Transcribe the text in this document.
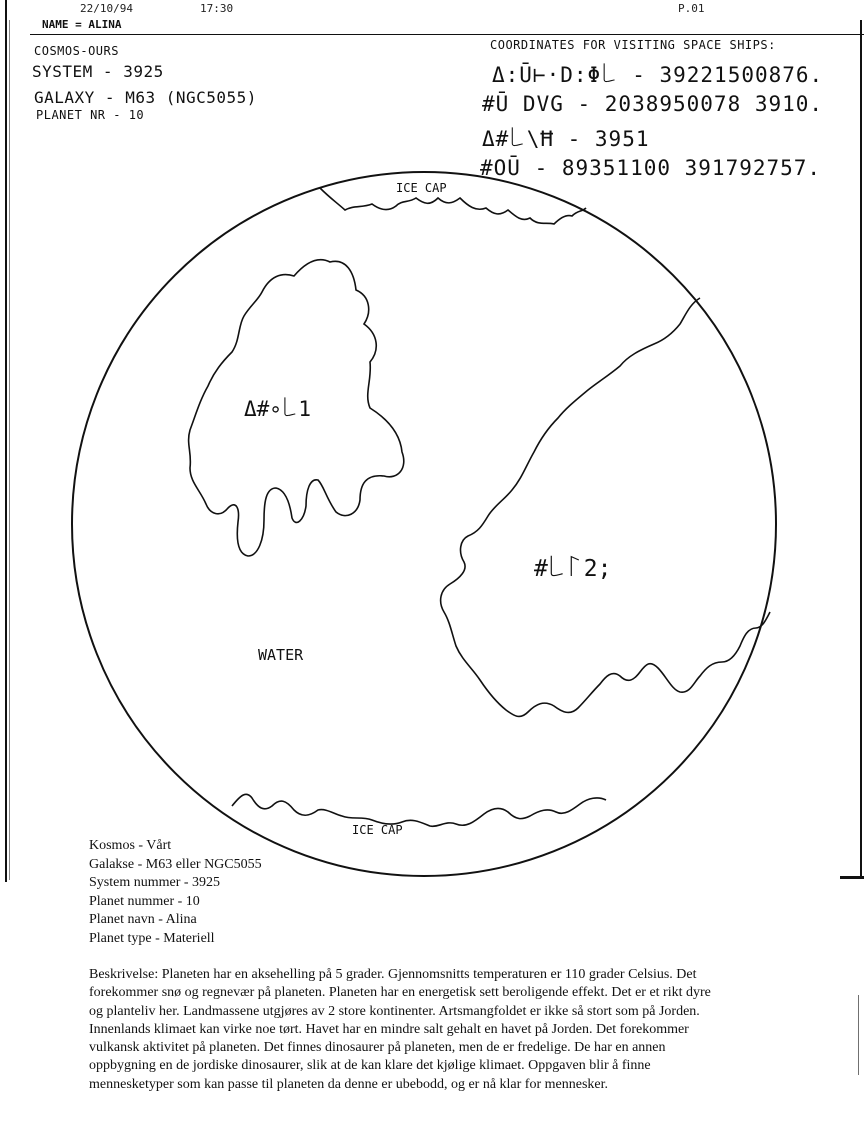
22/10/94	17:30	P.01
NAME = ALINA
COSMOS-OURS
SYSTEM - 3925
GALAXY - M63 (NGC5055)
PLANET NR - 10
COORDINATES FOR VISITING SPACE SHIPS:
Δ:Ū⊢·D:Φ꒒ - 39221500876.
#Ū DVG - 2038950078 3910.
Δ#꒒\Ħ - 3951
#OŪ - 89351100 391792757.
ICE CAP
ICE CAP
Δ#∘꒒1
#꒒꒓2;
WATER
Kosmos - Vårt
Galakse - M63 eller NGC5055
System nummer - 3925
Planet nummer - 10
Planet navn - Alina
Planet type - Materiell
Beskrivelse: Planeten har en aksehelling på 5 grader. Gjennomsnitts temperaturen er 110 grader Celsius. Det
forekommer snø og regnevær på planeten. Planeten har en energetisk sett beroligende effekt. Det er et rikt dyre
og planteliv her. Landmassene utgjøres av 2 store kontinenter. Artsmangfoldet er ikke så stort som på Jorden.
Innenlands klimaet kan virke noe tørt. Havet har en mindre salt gehalt en havet på Jorden. Det forekommer
vulkansk aktivitet på planeten. Det finnes dinosaurer på planeten, men de er fredelige. De har en annen
oppbygning en de jordiske dinosaurer, slik at de kan klare det kjølige klimaet. Oppgaven blir å finne
mennesketyper som kan passe til planeten da denne er ubebodd, og er nå klar for mennesker.
